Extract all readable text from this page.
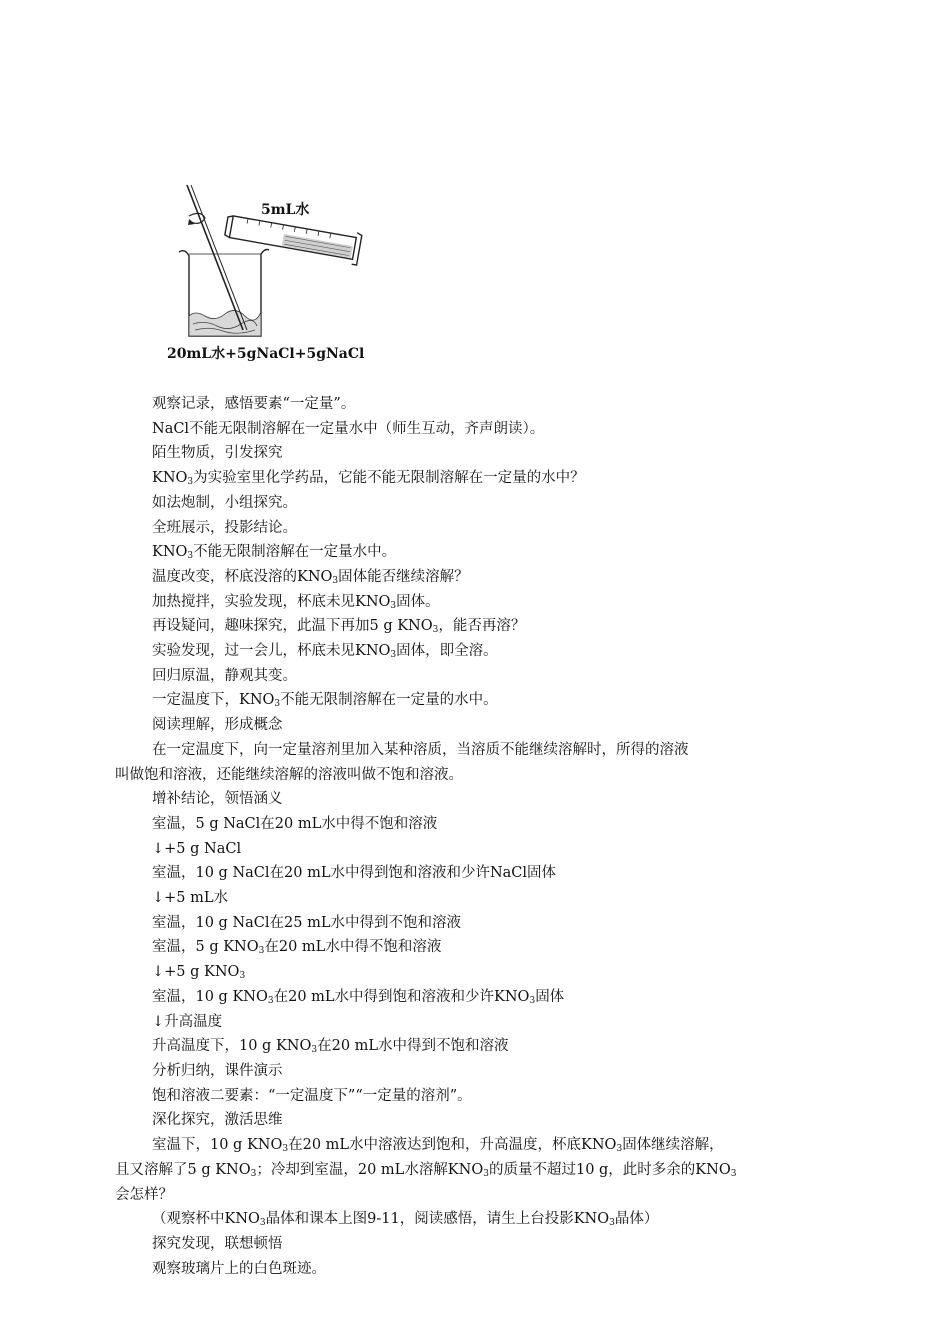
5mL水
20mL水+5gNaCl+5gNaCl

观察记录，感悟要素“一定量”。

NaCl不能无限制溶解在一定量水中（师生互动，齐声朗读）。

陌生物质，引发探究

$KNO_3$为实验室里化学药品，它能不能无限制溶解在一定量的水中？

如法炮制，小组探究。

全班展示，投影结论。

$KNO_3$不能无限制溶解在一定量水中。

温度改变，杯底没溶的$KNO_3$固体能否继续溶解？

加热搅拌，实验发现，杯底未见$KNO_3$固体。

再设疑问，趣味探究，此温下再加5 g $KNO_3$，能否再溶？

实验发现，过一会儿，杯底未见$KNO_3$固体，即全溶。

回归原温，静观其变。

一定温度下，$KNO_3$不能无限制溶解在一定量的水中。

阅读理解，形成概念

在一定温度下，向一定量溶剂里加入某种溶质，当溶质不能继续溶解时，所得的溶液

叫做饱和溶液，还能继续溶解的溶液叫做不饱和溶液。

增补结论，领悟涵义

室温，5 g NaCl在20 mL水中得不饱和溶液

↓+5 g NaCl

室温，10 g NaCl在20 mL水中得到饱和溶液和少许NaCl固体

↓+5 mL水

室温，10 g NaCl在25 mL水中得到不饱和溶液

室温，5 g $KNO_3$在20 mL水中得不饱和溶液

↓+5 g $KNO_3$

室温，10 g $KNO_3$在20 mL水中得到饱和溶液和少许$KNO_3$固体

↓升高温度

升高温度下，10 g $KNO_3$在20 mL水中得到不饱和溶液

分析归纳，课件演示

饱和溶液二要素：“一定温度下”“一定量的溶剂”。

深化探究，激活思维

室温下，10 g $KNO_3$在20 mL水中溶液达到饱和，升高温度，杯底$KNO_3$固体继续溶解，

且又溶解了5 g $KNO_3$；冷却到室温，20 mL水溶解$KNO_3$的质量不超过10 g，此时多余的$KNO_3$

会怎样？

（观察杯中$KNO_3$晶体和课本上图9-11，阅读感悟，请生上台投影$KNO_3$晶体）

探究发现，联想顿悟

观察玻璃片上的白色斑迹。
